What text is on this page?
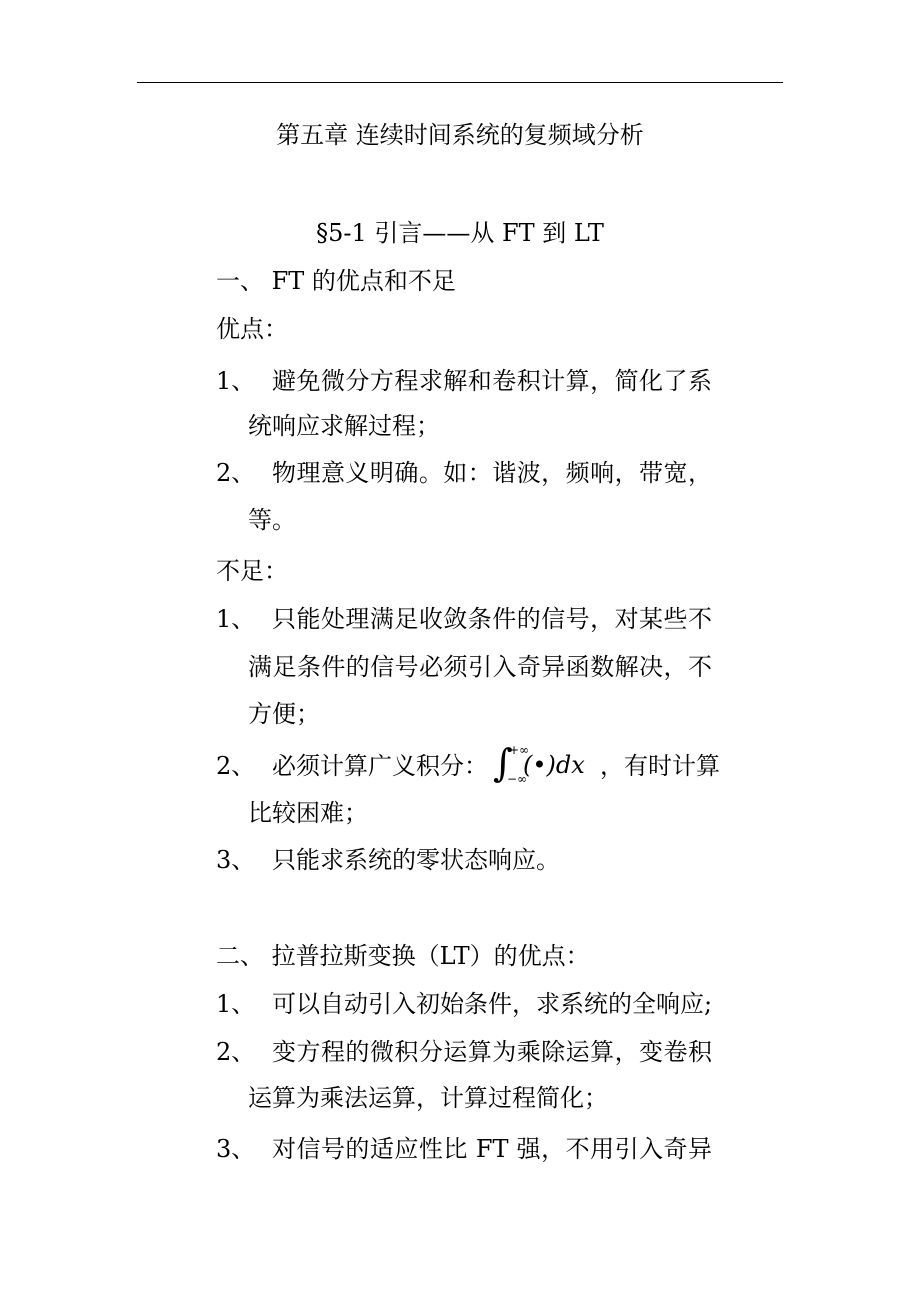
第五章 连续时间系统的复频域分析
§5-1 引言——从 FT 到 LT
一、 FT 的优点和不足
优点：
1、 避免微分方程求解和卷积计算，简化了系
统响应求解过程；
2、 物理意义明确。如：谐波，频响，带宽，
等。
不足：
1、 只能处理满足收敛条件的信号，对某些不
满足条件的信号必须引入奇异函数解决，不
方便；
2、 必须计算广义积分： ∫
+∞
−∞
(•)dx ，有时计算
比较困难；
3、 只能求系统的零状态响应。
二、 拉普拉斯变换（LT）的优点：
1、 可以自动引入初始条件，求系统的全响应;
2、 变方程的微积分运算为乘除运算，变卷积
运算为乘法运算，计算过程简化；
3、 对信号的适应性比 FT 强，不用引入奇异
